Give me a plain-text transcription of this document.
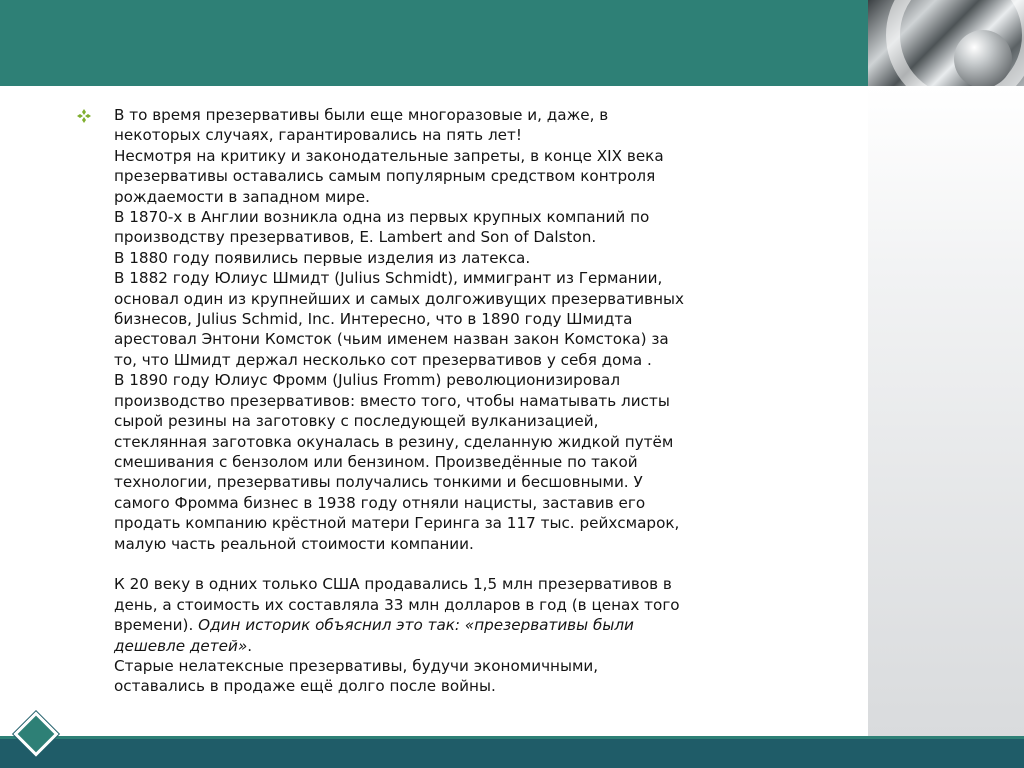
В то время презервативы были еще многоразовые и, даже, в
некоторых случаях, гарантировались на пять лет!
Несмотря на критику и законодательные запреты, в конце XIX века
презервативы оставались самым популярным средством контроля
рождаемости в западном мире.
В 1870-х в Англии возникла одна из первых крупных компаний по
производству презервативов, E. Lambert and Son of Dalston.
В 1880 году появились первые изделия из латекса.
В 1882 году Юлиус Шмидт (Julius Schmidt), иммигрант из Германии,
основал один из крупнейших и самых долгоживущих презервативных
бизнесов, Julius Schmid, Inc. Интересно, что в 1890 году Шмидта
арестовал Энтони Комсток (чьим именем назван закон Комстока) за
то, что Шмидт держал несколько сот презервативов у себя дома .
В 1890 году Юлиус Фромм (Julius Fromm) революционизировал
производство презервативов: вместо того, чтобы наматывать листы
сырой резины на заготовку с последующей вулканизацией,
стеклянная заготовка окуналась в резину, сделанную жидкой путём
смешивания с бензолом или бензином. Произведённые по такой
технологии, презервативы получались тонкими и бесшовными. У
самого Фромма бизнес в 1938 году отняли нацисты, заставив его
продать компанию крёстной матери Геринга за 117 тыс. рейхсмарок,
малую часть реальной стоимости компании.
К 20 веку в одних только США продавались 1,5 млн презервативов в
день, а стоимость их составляла 33 млн долларов в год (в ценах того
времени). Один историк объяснил это так: «презервативы были
дешевле детей».
Старые нелатексные презервативы, будучи экономичными,
оставались в продаже ещё долго после войны.
